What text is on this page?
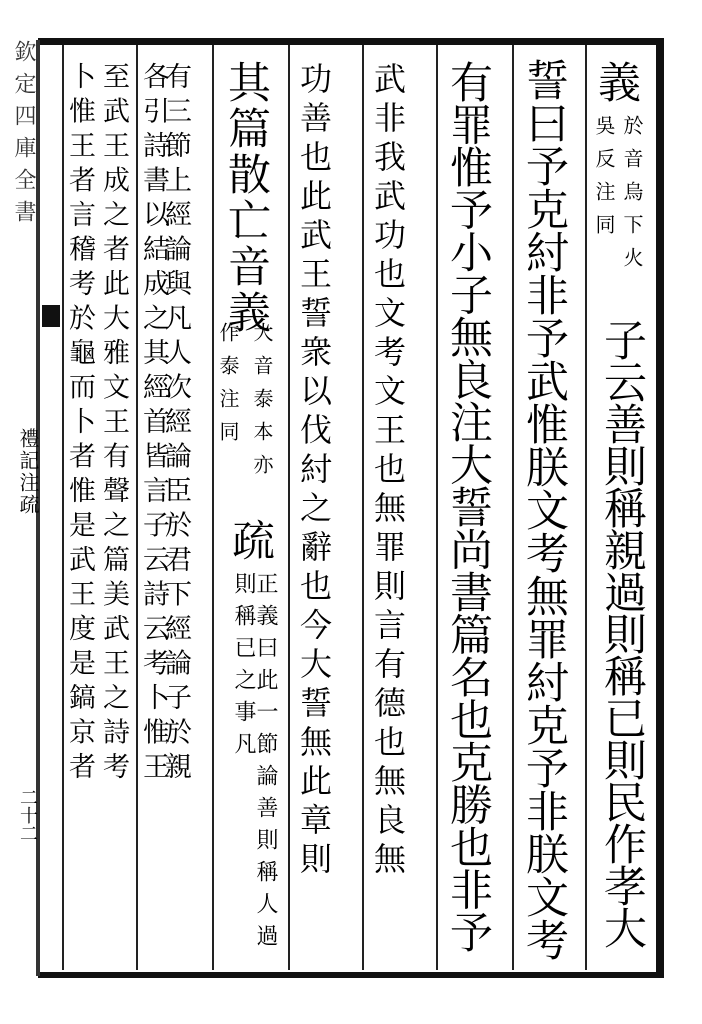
欽定四庫全書
禮記注疏
二十二
義
於音烏下火
吳反注同
子云善則稱親過則稱已則民作孝大
誓曰予克紂非予武惟朕文考無罪紂克予非朕文考
有罪惟予小子無良注大誓尚書篇名也克勝也非予
武非我武功也文考文王也無罪則言有德也無良無
功善也此武王誓衆以伐紂之辭也今大誓無此章則
其篇散亡音義
大音泰本亦
作泰注同
疏
正義曰此一節論善則稱人過則稱已之事凡
有三節上經論與凡人次經論臣於君下經論子於親
各引詩書以結成之其經首皆言子云詩云考卜惟王
至武王成之者此大雅文王有聲之篇美武王之詩考
卜惟王者言稽考於龜而卜者惟是武王度是鎬京者
